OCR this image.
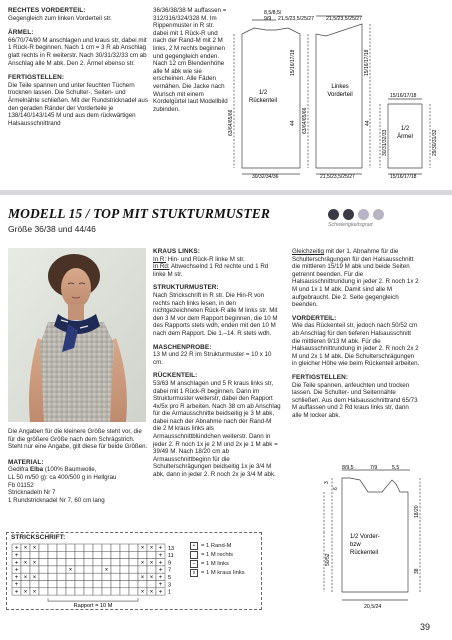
RECHTES VORDERTEIL:
Gegengleich zum linken Vorderteil str.
ÄRMEL:
66/70/74/80 M anschlagen und kraus str, dabei mit 1 Rück-R beginnen. Nach 1 cm = 3 R ab Anschlag glatt rechts in R weiterstr. Nach 30/31/32/33 cm ab Anschlag alle M abk. Den 2. Ärmel ebenso str.
FERTIGSTELLEN:
Die Teile spannen und unter feuchten Tüchern trocknen lassen. Die Schulter-, Seiten- und Ärmelnähte schließen. Mit der Rundstricknadel aus den geraden Ränder der Vorderteile je 138/140/143/145 M und aus dem rückwärtigen Halsausschnittrand
36/36/38/38 M auffassen = 312/316/324/328 M. Im Rippenmuster in R str. dabei mit 1 Rück-R und nach der Rand-M mit 2 M links, 2 M rechts beginnen und gegengleich enden. Nach 12 cm Blendenhöhe alle M abk wie sie erscheinen. Alle Fäden vernähen. Die Jacke nach Wunsch mit einem Kordelgürtel laut Modellbild zubinden.
8,5/8,5/
9/9 21,5/23,5/25/27 21,5/23,5/25/27
1/2
Rückenteil
Linkes
Vorderteil
1/2
Ärmel
63/64/65/66	63/64/65/66
44	44
15/16/17/18	15/16/17/18
30/32/34/36	21,5/23,5/25/27
15/16/17/18
30/31/32/33
15/16/17/18
29/30/31/32
MODELL 15 / TOP MIT STUKTURMUSTER
Größe 36/38 und 44/46	Schwierigkeitsgrad
Die Angaben für die kleinere Größe steht vor, die für die größere Größe nach dem Schrägstrich. Steht nur eine Angabe, gilt diese für beide Größen.
MATERIAL:
Gedifra Elba (100% Baumwolle,
LL 50 m/50 g): ca 400/500 g in Hellgrau
Fb 01152
Stricknadeln Nr 7
1 Rundstricknadel Nr 7, 60 cm lang
STRICKSCHRIFT:
+ × ×	× × +
+	+
+ × ×	× × +
+	×	×	+
+ × ×	× × +
+	+
+ × ×	× × +
13
11
9
7
5
3
1
Rapport = 10 M
+ = 1 Rand-M
= 1 M rechts
– = 1 M links
x = 1 M kraus links
KRAUS LINKS:
In R: Hin- und Rück-R linke M str.
In Rd: Abwechselnd 1 Rd rechte und 1 Rd linke M str.
STRUKTURMUSTER:
Nach Strickschrift in R str. Die Hin-R von rechts nach links lesen, in den nichtgezeichneten Rück-R alle M links str. Mit den 3 M vor dem Rapport beginnen, die 10 M des Rapports stets wdh, enden mit den 10 M nach dem Rapport. Die 1.–14. R stets wdh.
MASCHENPROBE:
13 M und 22 R im Strukturmuster = 10 x 10 cm.
RÜCKENTEIL:
53/63 M anschlagen und 5 R kraus links str, dabei mit 1 Rück-R beginnen. Dann im Strukturmuster weiterstr, dabei den Rapport 4x/5x pro R arbeiten. Nach 38 cm ab Anschlag für die Armausschnitte beidseitig je 3 M abk, dabei nach der Abnahme nach der Rand-M die 2 M kraus links als Armausschnittblündchen weiterstr. Dann in jeder 2. R noch 1x je 2 M und 2x je 1 M abk = 39/49 M. Nach 18/20 cm ab Armausschnittbeginn für die Schulterschrägungen beidseitig 1x je 3/4 M abk, dann in jeder 2. R noch 2x je 3/4 M abk.
Gleichzeitig mit der 1. Abnahme für die Schulterschrägungen für den Halsausschnitt die mittleren 15/19 M abk und beide Seiten getrennt beenden. Für die Halsausschnittrundung in jeder 2. R noch 1x 2 M und 1x 1 M abk. Damit sind alle M aufgebraucht. Die 2. Seite gegengleich beenden.
VORDERTEIL:
Wie das Rückenteil str, jedoch nach 50/52 cm ab Anschlag für den tieferen Halsausschnitt die mittleren 9/13 M abk. Für die Halsausschnittrundung in jeder 2. R noch 2x 2 M und 2x 1 M abk. Die Schulterschrägungen in gleicher Höhe wie beim Rückenteil arbeiten.
FERTIGSTELLEN:
Die Teile spannen, anfeuchten und trocken lassen. Die Schulter- und Seitennähte schließen. Aus dem Halsausschnittrand 65/73 M auffassen und 2 Rd kraus links str, dann alle M locker abk.
8/9,5	7/9	5,5
3
6
18/20
50/52
38
1/2 Vorder-
bzw
Rückenteil
20,5/24
39
